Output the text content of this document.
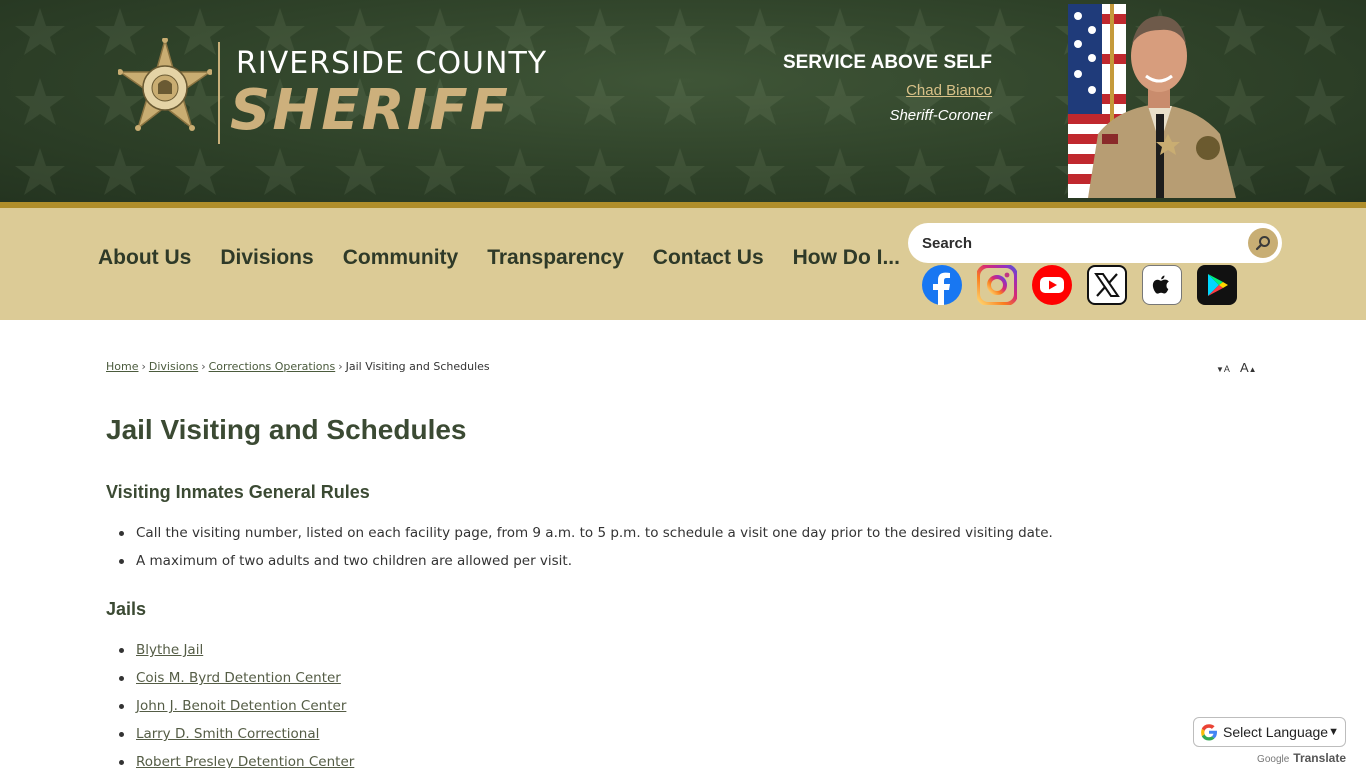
RIVERSIDE COUNTY
SHERIFF
SERVICE ABOVE SELF
Chad Bianco
Sheriff-Coroner
About Us Divisions Community Transparency Contact Us How Do I...
Search
Home › Divisions › Corrections Operations › Jail Visiting and Schedules	▼A A▲
Jail Visiting and Schedules
Visiting Inmates General Rules
Call the visiting number, listed on each facility page, from 9 a.m. to 5 p.m. to schedule a visit one day prior to the desired visiting date.
A maximum of two adults and two children are allowed per visit.
Jails
Blythe Jail
Cois M. Byrd Detention Center
John J. Benoit Detention Center
Larry D. Smith Correctional
Robert Presley Detention Center
Select Language ▼
Google Translate
